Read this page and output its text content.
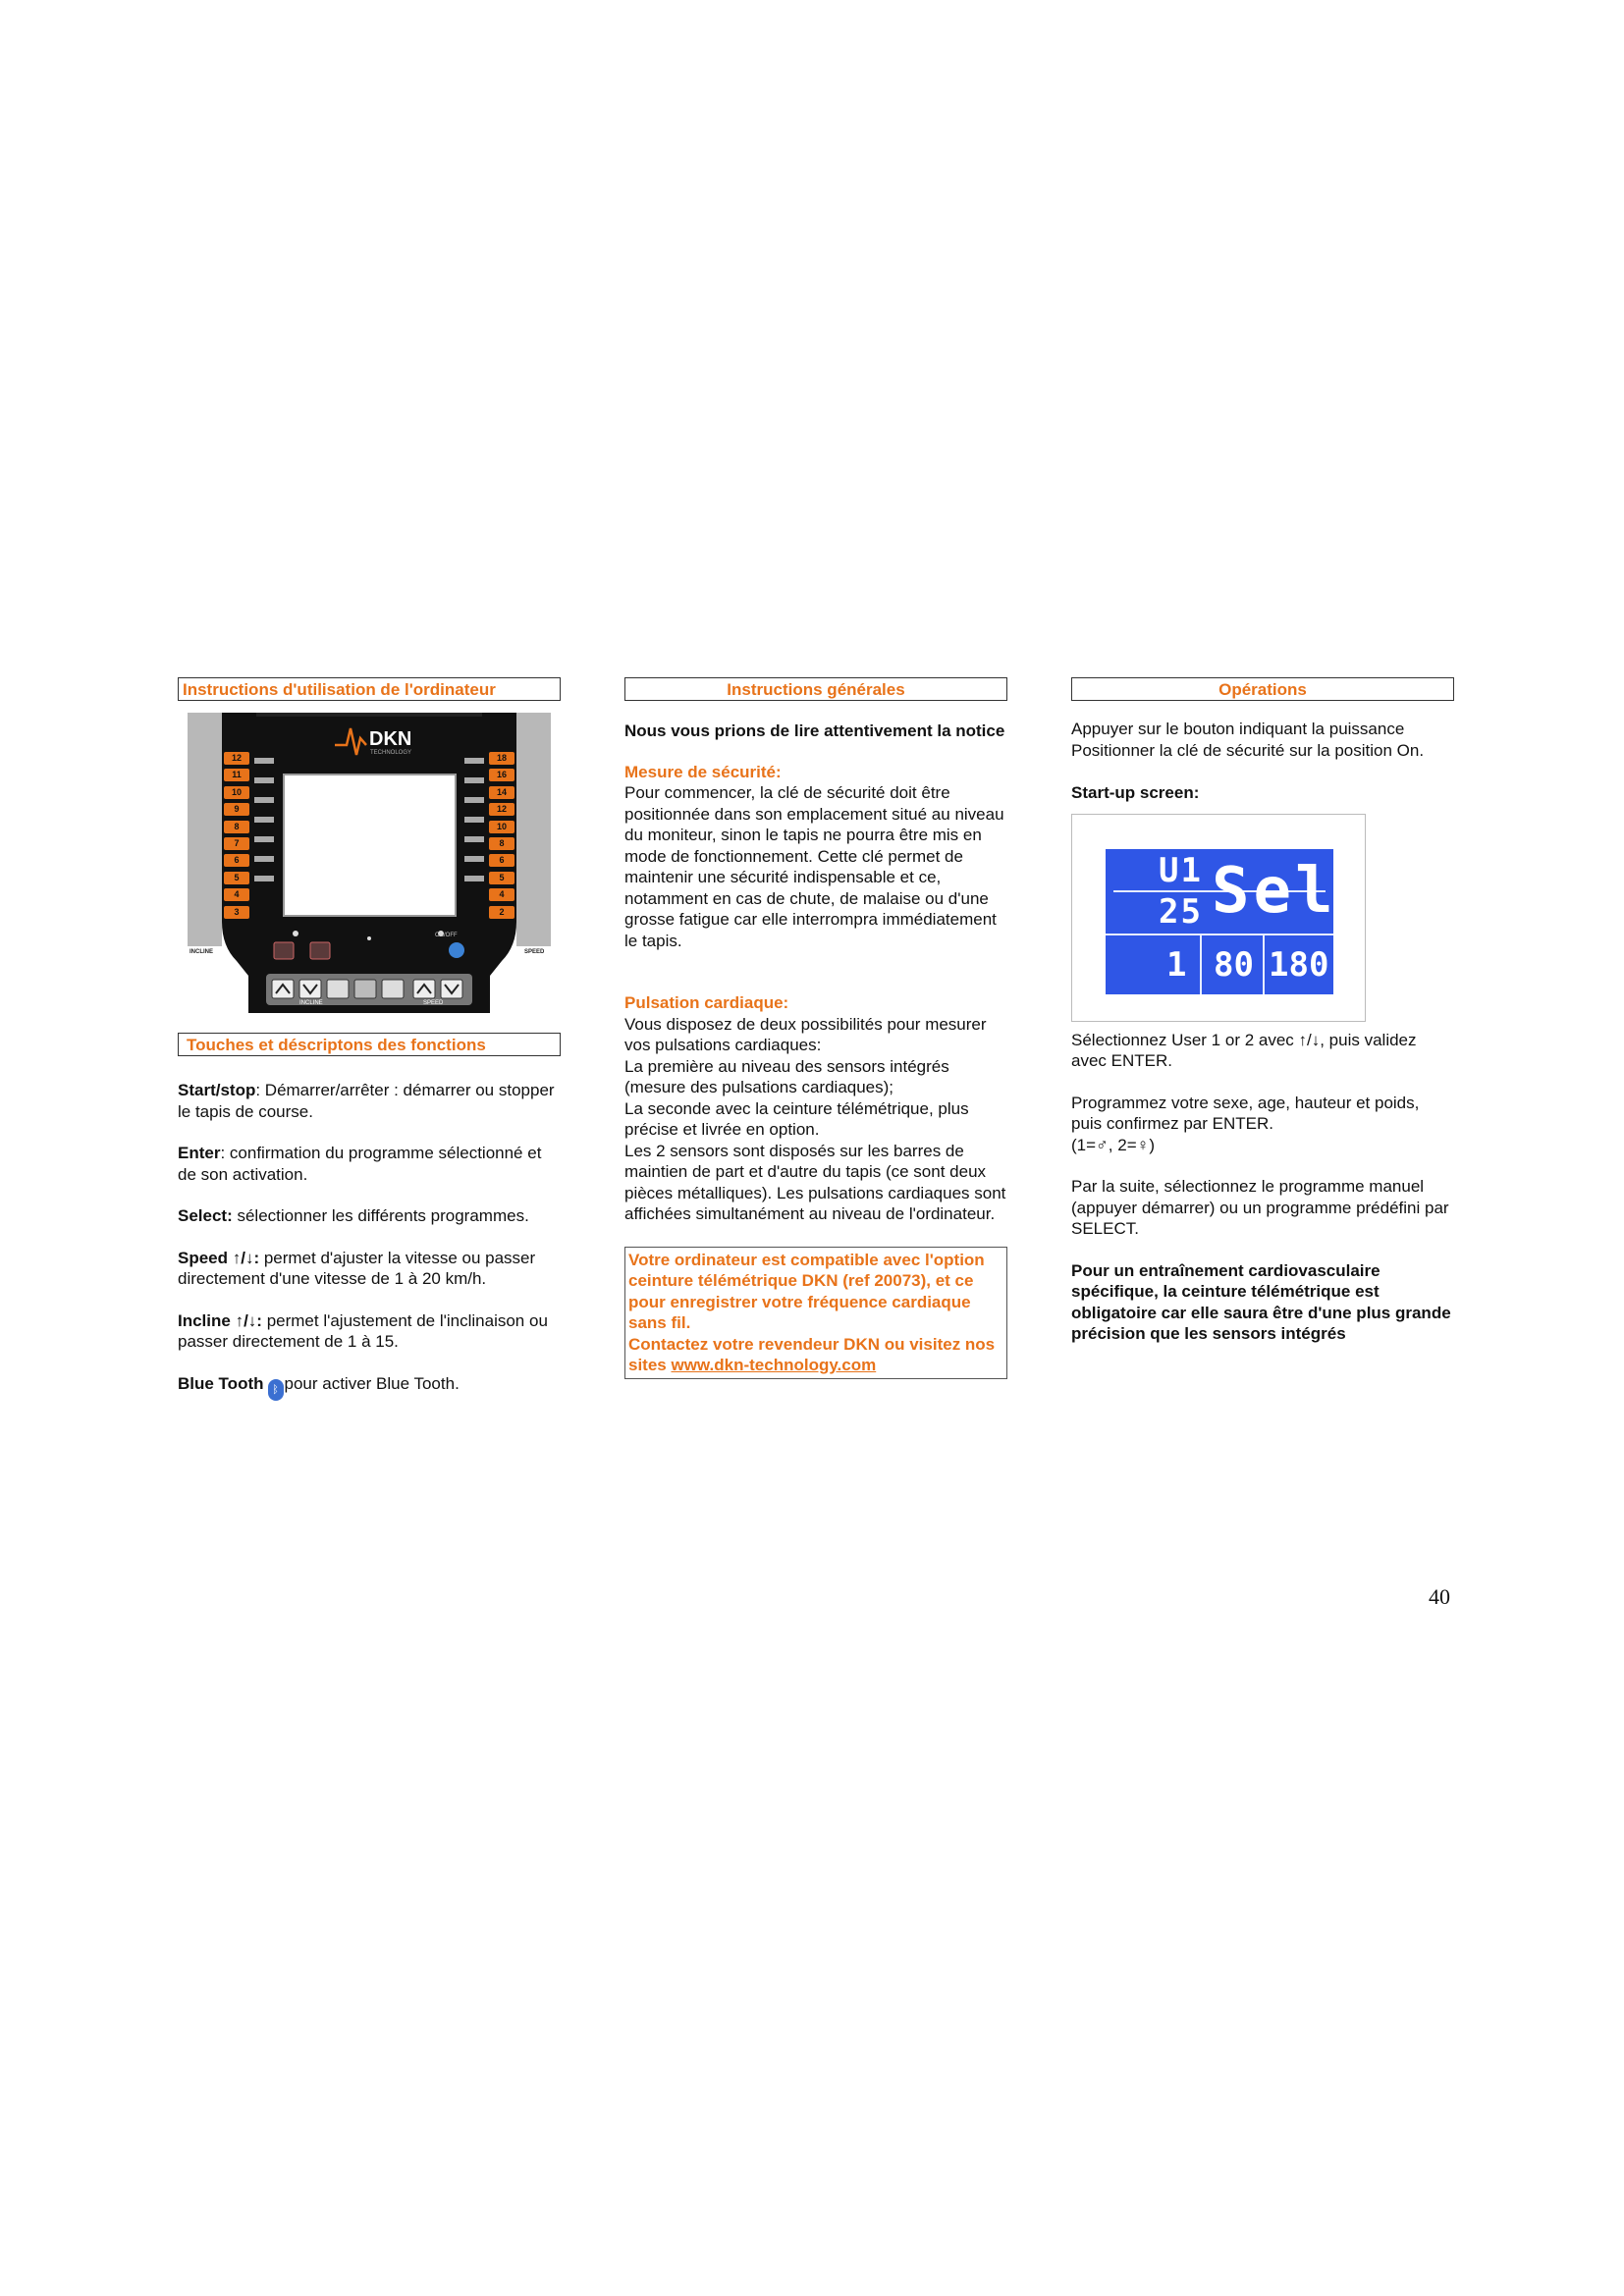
Instructions d'utilisation de l'ordinateur
DKN
TECHNOLOGY
12
11
10
9
8
7
6
5
4
3
18
16
14
12
10
8
6
5
4
2
INCLINE	SPEED
ON/OFF
INCLINE	SPEED
Touches et déscriptons des fonctions

Start/stop: Démarrer/arrêter : démarrer ou stopper le tapis de course.

Enter: confirmation du programme sélectionné et de son activation.

Select: sélectionner les différents programmes.

Speed ↑/↓: permet d'ajuster la vitesse ou passer directement d'une vitesse de 1 à 20 km/h.

Incline ↑/↓: permet l'ajustement de l'inclinaison ou passer directement de 1 à 15.

Blue Tooth ᛒ pour activer Blue Tooth.

Instructions générales

Nous vous prions de lire attentivement la notice

Mesure de sécurité:

Pour commencer, la clé de sécurité doit être positionnée dans son emplacement situé au niveau du moniteur, sinon le tapis ne pourra être mis en mode de fonctionnement. Cette clé permet de maintenir une sécurité indispensable et ce, notamment en cas de chute, de malaise ou d'une grosse fatigue car elle interrompra immédiatement le tapis.

Pulsation cardiaque:

Vous disposez de deux possibilités pour mesurer vos pulsations cardiaques:

La première au niveau des sensors intégrés (mesure des pulsations cardiaques);

La seconde avec la ceinture télémétrique, plus précise et livrée en option.

Les 2 sensors sont disposés sur les barres de maintien de part et d'autre du tapis (ce sont deux pièces métalliques). Les pulsations cardiaques sont affichées simultanément au niveau de l'ordinateur.

Votre ordinateur est compatible avec l'option ceinture télémétrique DKN (ref 20073), et ce pour enregistrer votre fréquence cardiaque sans fil.
Contactez votre revendeur DKN ou visitez nos sites www.dkn-technology.com
Opérations

Appuyer sur le bouton indiquant la puissance Positionner la clé de sécurité sur la position On.

Start-up screen:

U1
25 Sel
1 80 180

Sélectionnez User 1 or 2 avec ↑/↓, puis validez avec ENTER.

Programmez votre sexe, age, hauteur et poids, puis confirmez par ENTER.

(1=♂, 2=♀)

Par la suite, sélectionnez le programme manuel (appuyer démarrer) ou un programme prédéfini par SELECT.

Pour un entraînement cardiovasculaire spécifique, la ceinture télémétrique est obligatoire car elle saura être d'une plus grande précision que les sensors intégrés

40
